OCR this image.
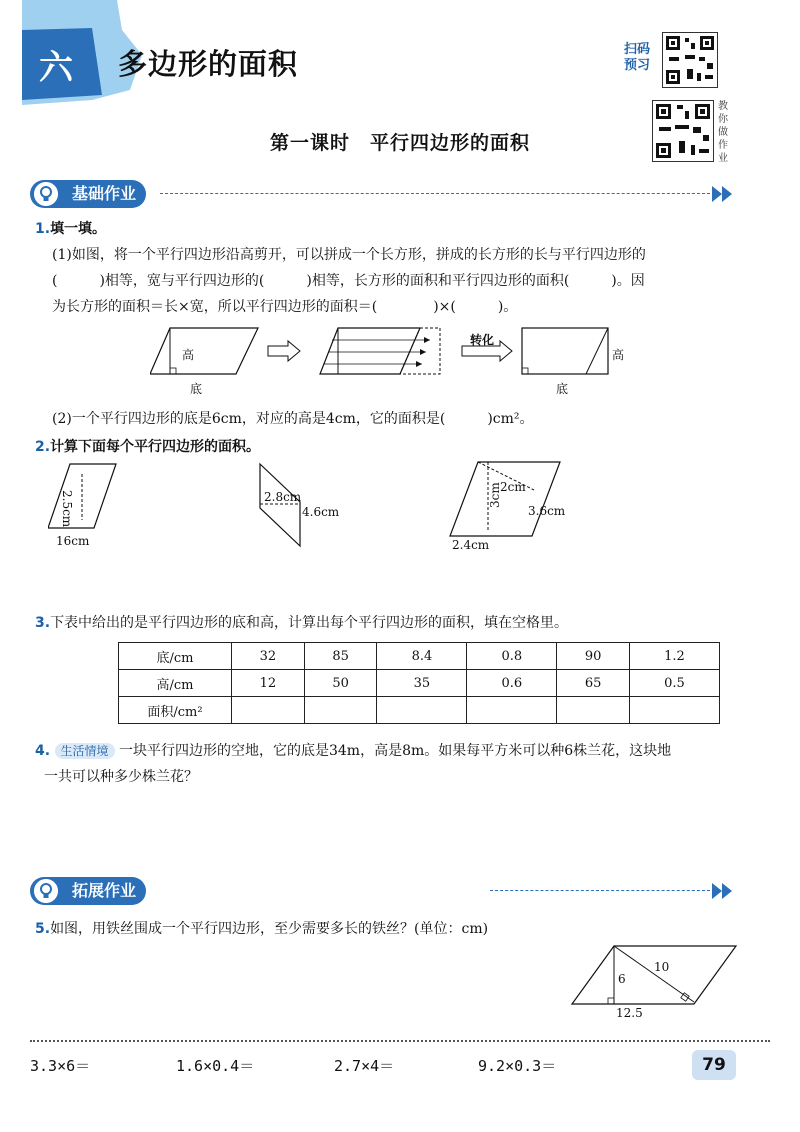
六	多边形的面积	扫码预习
教你做作业
第一课时　平行四边形的面积
基础作业
1.填一填。
(1)如图，将一个平行四边形沿高剪开，可以拼成一个长方形，拼成的长方形的长与平行四边形的
(　　　)相等，宽与平行四边形的(　　　)相等，长方形的面积和平行四边形的面积(　　　)。因
为长方形的面积＝长×宽，所以平行四边形的面积＝(　　　　)×(　　　)。
高
底
转化
高
底
(2)一个平行四边形的底是6cm，对应的高是4cm，它的面积是(　　　)cm²。
2.计算下面每个平行四边形的面积。
2.5cm
16cm
2.8cm
4.6cm
2cm
3cm
3.6cm
2.4cm
3.下表中给出的是平行四边形的底和高，计算出每个平行四边形的面积，填在空格里。
底/cm	32	85	8.4	0.8	90	1.2
高/cm	12	50	35	0.6	65	0.5
面积/cm²						
4. 生活情境 一块平行四边形的空地，它的底是34m，高是8m。如果每平方米可以种6株兰花，这块地
一共可以种多少株兰花？
拓展作业
5.如图，用铁丝围成一个平行四边形，至少需要多长的铁丝？(单位：cm)
6
10
12.5
3.3×6＝	1.6×0.4＝	2.7×4＝	9.2×0.3＝	79
